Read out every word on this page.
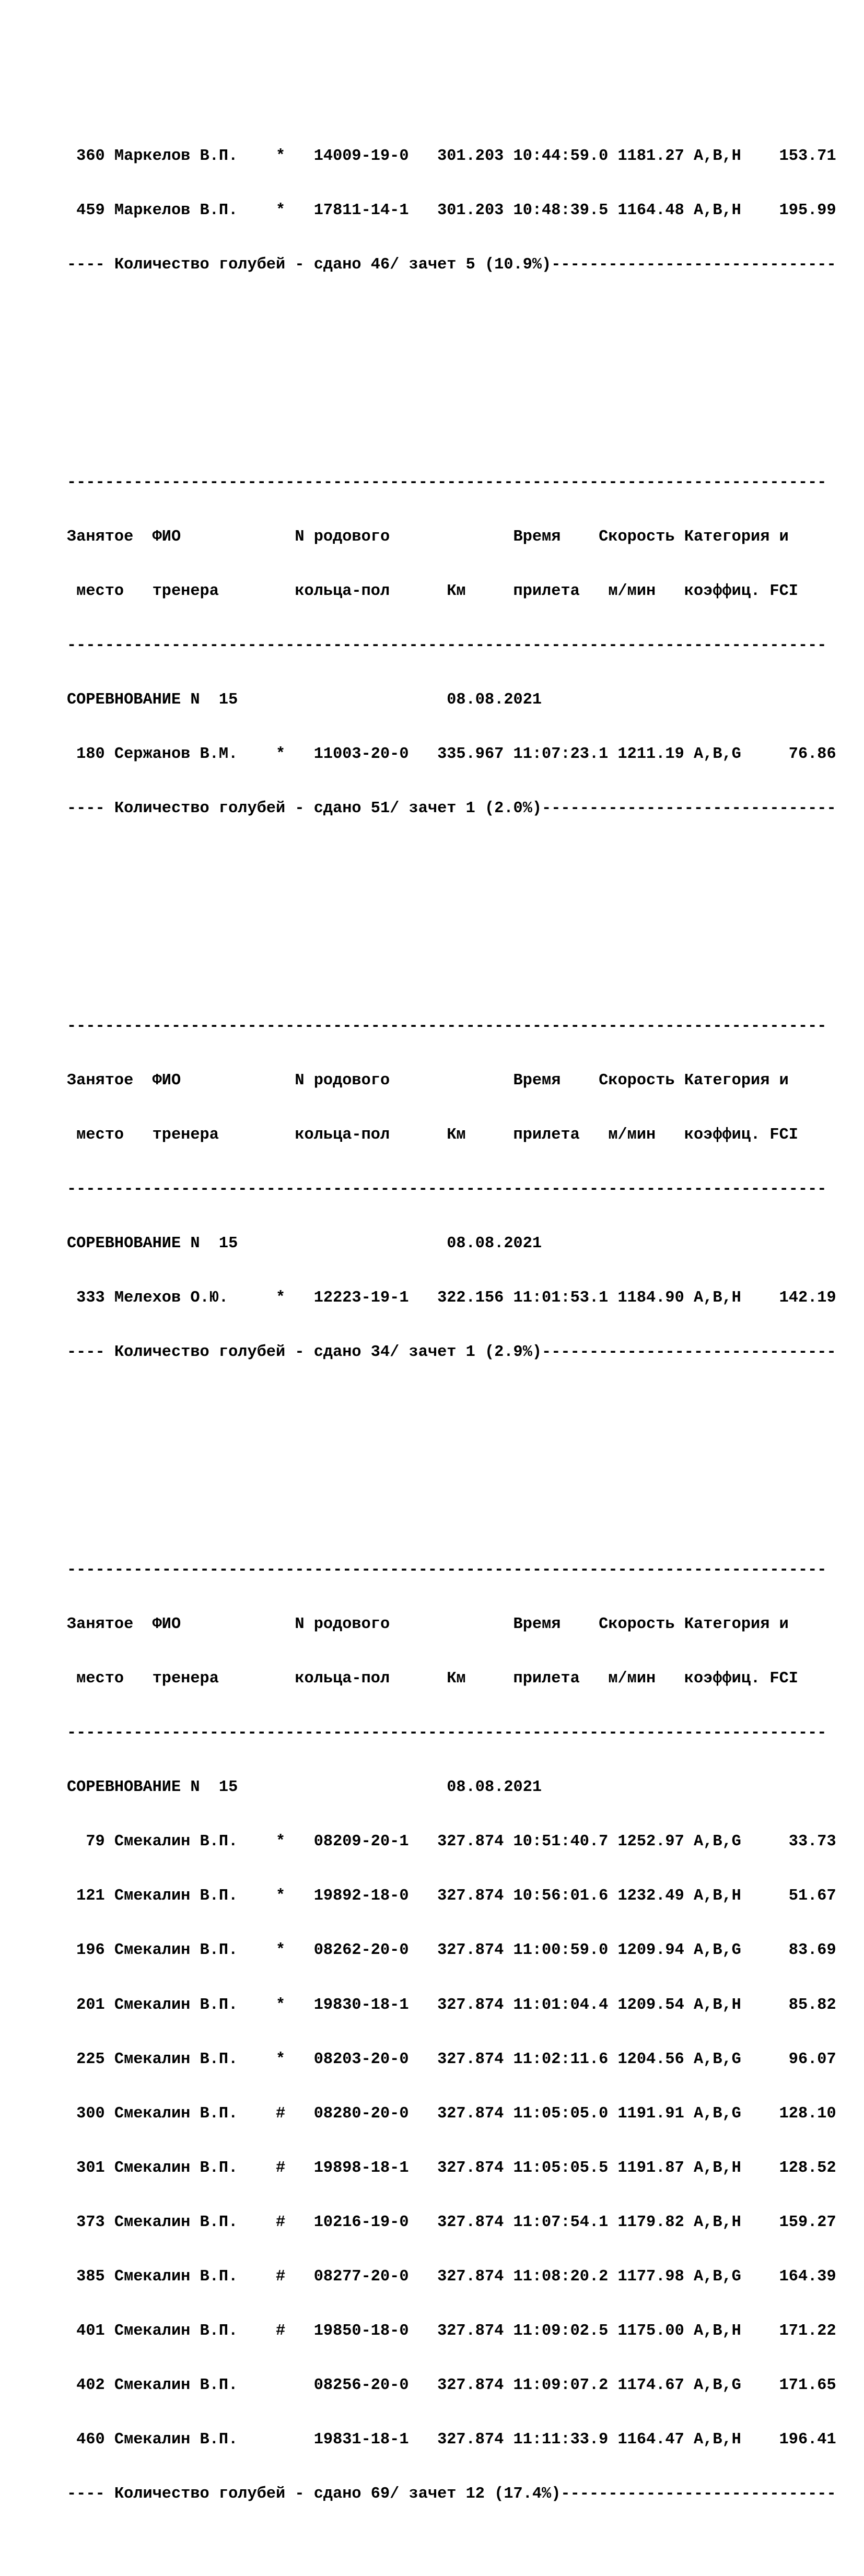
360 Маркелов В.П.    *   14009-19-0   301.203 10:44:59.0 1181.27 A,B,H    153.71

459 Маркелов В.П.    *   17811-14-1   301.203 10:48:39.5 1164.48 A,B,H    195.99

---- Количество голубей - сдано 46/ зачет 5 (10.9%)------------------------------

--------------------------------------------------------------------------------

Занятое  ФИО            N родового             Время    Скорость Категория и

место   тренера        кольца-пол      Км     прилета   м/мин   коэффиц. FCI

--------------------------------------------------------------------------------

СОРЕВНОВАНИЕ N  15                      08.08.2021

180 Сержанов В.М.    *   11003-20-0   335.967 11:07:23.1 1211.19 A,B,G     76.86

---- Количество голубей - сдано 51/ зачет 1 (2.0%)-------------------------------

--------------------------------------------------------------------------------

Занятое  ФИО            N родового             Время    Скорость Категория и

место   тренера        кольца-пол      Км     прилета   м/мин   коэффиц. FCI

--------------------------------------------------------------------------------

СОРЕВНОВАНИЕ N  15                      08.08.2021

333 Мелехов О.Ю.     *   12223-19-1   322.156 11:01:53.1 1184.90 A,B,H    142.19

---- Количество голубей - сдано 34/ зачет 1 (2.9%)-------------------------------

--------------------------------------------------------------------------------

Занятое  ФИО            N родового             Время    Скорость Категория и

место   тренера        кольца-пол      Км     прилета   м/мин   коэффиц. FCI

--------------------------------------------------------------------------------

СОРЕВНОВАНИЕ N  15                      08.08.2021

79 Смекалин В.П.    *   08209-20-1   327.874 10:51:40.7 1252.97 A,B,G     33.73

121 Смекалин В.П.    *   19892-18-0   327.874 10:56:01.6 1232.49 A,B,H     51.67

196 Смекалин В.П.    *   08262-20-0   327.874 11:00:59.0 1209.94 A,B,G     83.69

201 Смекалин В.П.    *   19830-18-1   327.874 11:01:04.4 1209.54 A,B,H     85.82

225 Смекалин В.П.    *   08203-20-0   327.874 11:02:11.6 1204.56 A,B,G     96.07

300 Смекалин В.П.    #   08280-20-0   327.874 11:05:05.0 1191.91 A,B,G    128.10

301 Смекалин В.П.    #   19898-18-1   327.874 11:05:05.5 1191.87 A,B,H    128.52

373 Смекалин В.П.    #   10216-19-0   327.874 11:07:54.1 1179.82 A,B,H    159.27

385 Смекалин В.П.    #   08277-20-0   327.874 11:08:20.2 1177.98 A,B,G    164.39

401 Смекалин В.П.    #   19850-18-0   327.874 11:09:02.5 1175.00 A,B,H    171.22

402 Смекалин В.П.        08256-20-0   327.874 11:09:07.2 1174.67 A,B,G    171.65

460 Смекалин В.П.        19831-18-1   327.874 11:11:33.9 1164.47 A,B,H    196.41

---- Количество голубей - сдано 69/ зачет 12 (17.4%)-----------------------------
